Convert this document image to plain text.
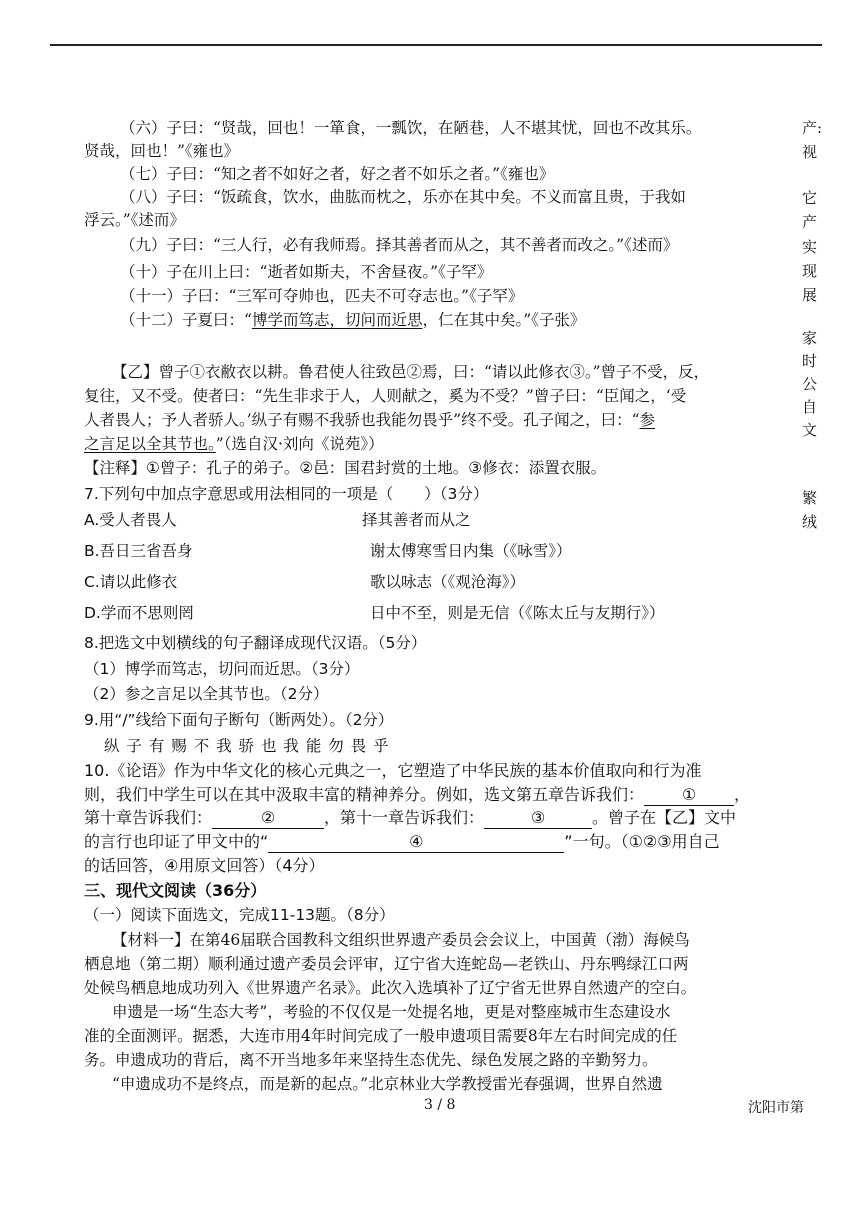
（六）子曰：“贤哉，回也！一箪食，一瓢饮，在陋巷，人不堪其忧，回也不改其乐。
贤哉，回也！”《雍也》
（七）子曰：“知之者不如好之者，好之者不如乐之者。”《雍也》
（八）子曰：“饭疏食，饮水，曲肱而枕之，乐亦在其中矣。不义而富且贵，于我如
浮云。”《述而》
（九）子曰：“三人行，必有我师焉。择其善者而从之，其不善者而改之。”《述而》
（十）子在川上曰：“逝者如斯夫，不舍昼夜。”《子罕》
（十一）子曰：“三军可夺帅也，匹夫不可夺志也。”《子罕》
（十二）子夏曰：“博学而笃志，切问而近思，仁在其中矣。”《子张》
【乙】曾子①衣敝衣以耕。鲁君使人往致邑②焉，曰：“请以此修衣③。”曾子不受，反，
复往，又不受。使者曰：“先生非求于人，人则献之，奚为不受？”曾子曰：“臣闻之，‘受
人者畏人；予人者骄人。’纵子有赐不我骄也我能勿畏乎”终不受。孔子闻之，曰：“参
之言足以全其节也。”（选自汉·刘向《说苑》）
【注释】①曾子：孔子的弟子。②邑：国君封赏的土地。③修衣：添置衣服。
7.下列句中加点字意思或用法相同的一项是（　　）（3分）
A.受人者畏人	择其善者而从之
B.吾日三省吾身	谢太傅寒雪日内集（《咏雪》）
C.请以此修衣	歌以咏志（《观沧海》）
D.学而不思则罔	日中不至，则是无信（《陈太丘与友期行》）
8.把选文中划横线的句子翻译成现代汉语。（5分）
（1）博学而笃志，切问而近思。（3分）
（2）参之言足以全其节也。（2分）
9.用“/”线给下面句子断句（断两处）。（2分）
纵 子 有 赐 不 我 骄 也 我 能 勿 畏 乎
10.《论语》作为中华文化的核心元典之一，它塑造了中华民族的基本价值取向和行为准
则，我们中学生可以在其中汲取丰富的精神养分。例如，选文第五章告诉我们： ① ，
第十章告诉我们：	②	，第十一章告诉我们：	③	。曾子在【乙】文中
的言行也印证了甲文中的“	④	”一句。（①②③用自己
的话回答，④用原文回答）（4分）
三、现代文阅读（36分）
（一）阅读下面选文，完成11-13题。（8分）
【材料一】在第46届联合国教科文组织世界遗产委员会会议上，中国黄（渤）海候鸟
栖息地（第二期）顺利通过遗产委员会评审，辽宁省大连蛇岛—老铁山、丹东鸭绿江口两
处候鸟栖息地成功列入《世界遗产名录》。此次入选填补了辽宁省无世界自然遗产的空白。
申遗是一场“生态大考”，考验的不仅仅是一处提名地，更是对整座城市生态建设水
准的全面测评。据悉，大连市用4年时间完成了一般申遗项目需要8年左右时间完成的任
务。申遗成功的背后，离不开当地多年来坚持生态优先、绿色发展之路的辛勤努力。
“申遗成功不是终点，而是新的起点。”北京林业大学教授雷光春强调，世界自然遗
3 / 8	沈阳市第
产:
视
它
产
实
现
展
家
时
公
自
文
繁
绒
